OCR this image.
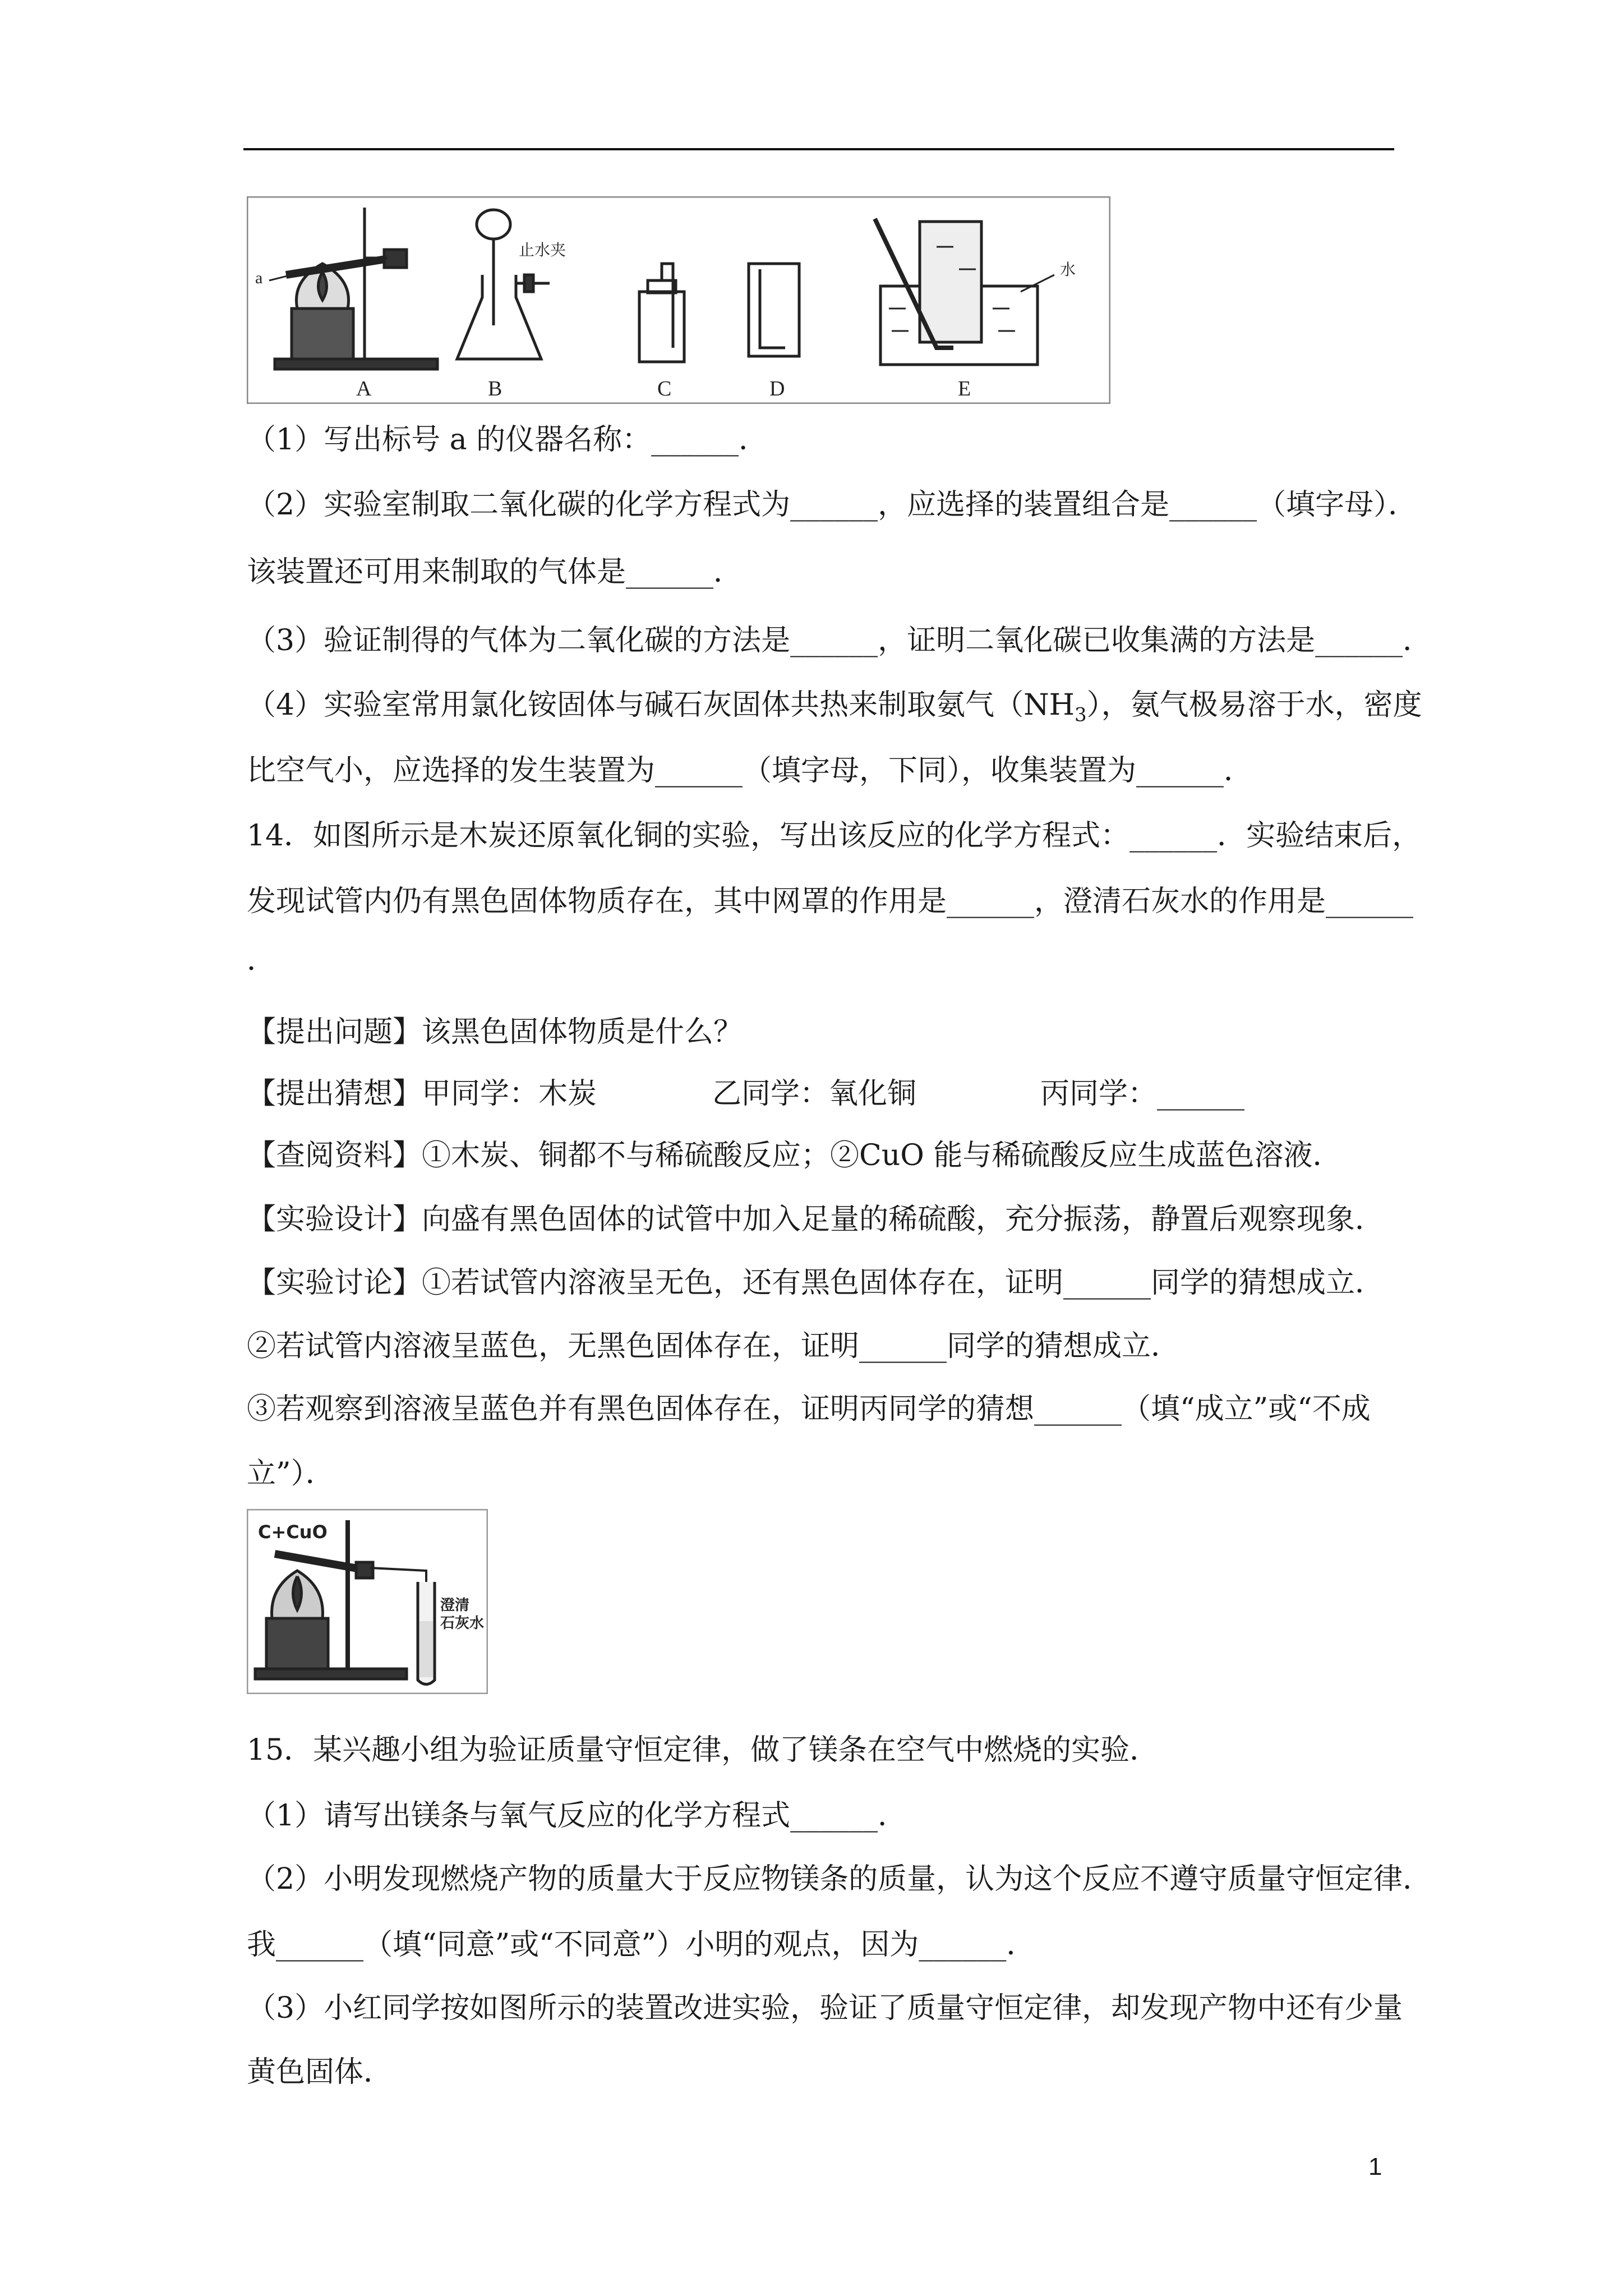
A	B	C	D	E
a
止水夹
水
（1）写出标号 a 的仪器名称：______．
（2）实验室制取二氧化碳的化学方程式为______，应选择的装置组合是______（填字母）．
该装置还可用来制取的气体是______．
（3）验证制得的气体为二氧化碳的方法是______，证明二氧化碳已收集满的方法是______．
（4）实验室常用氯化铵固体与碱石灰固体共热来制取氨气$(NH_3)$，氨气极易溶于水，密度
比空气小，应选择的发生装置为______（填字母，下同），收集装置为______．
14．如图所示是木炭还原氧化铜的实验，写出该反应的化学方程式：______．实验结束后，
发现试管内仍有黑色固体物质存在，其中网罩的作用是______，澄清石灰水的作用是______
．
【提出问题】该黑色固体物质是什么？
【提出猜想】甲同学：木炭	乙同学：氧化铜	丙同学：______
【查阅资料】①木炭、铜都不与稀硫酸反应；②CuO 能与稀硫酸反应生成蓝色溶液．
【实验设计】向盛有黑色固体的试管中加入足量的稀硫酸，充分振荡，静置后观察现象．
【实验讨论】①若试管内溶液呈无色，还有黑色固体存在，证明______同学的猜想成立．
②若试管内溶液呈蓝色，无黑色固体存在，证明______同学的猜想成立．
③若观察到溶液呈蓝色并有黑色固体存在，证明丙同学的猜想______（填“成立”或“不成
立”）．
C+CuO
澄清
石灰水
15．某兴趣小组为验证质量守恒定律，做了镁条在空气中燃烧的实验．
（1）请写出镁条与氧气反应的化学方程式______．
（2）小明发现燃烧产物的质量大于反应物镁条的质量，认为这个反应不遵守质量守恒定律．
我______（填“同意”或“不同意”）小明的观点，因为______．
（3）小红同学按如图所示的装置改进实验，验证了质量守恒定律，却发现产物中还有少量
黄色固体．
1
